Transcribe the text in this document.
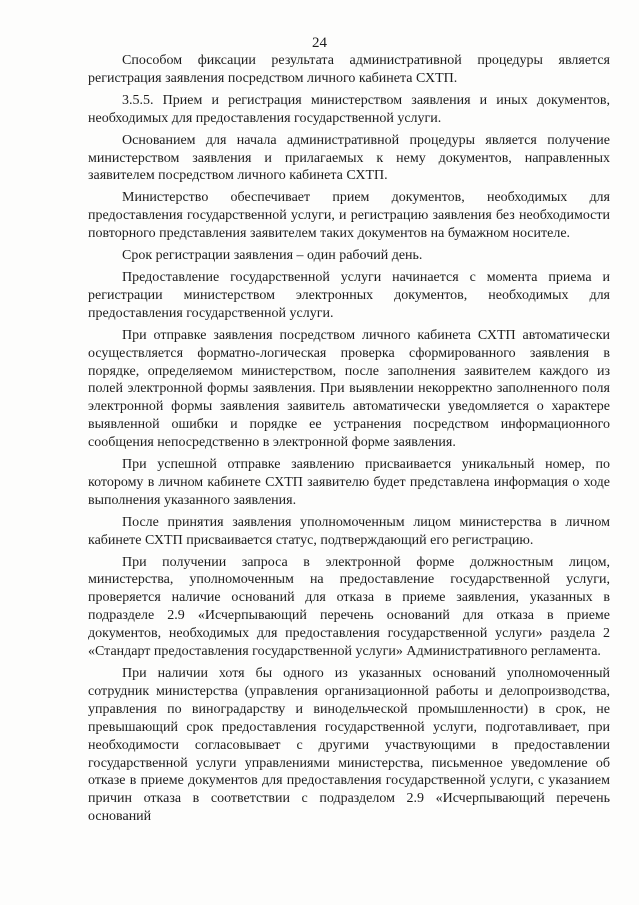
24

Способом фиксации результата административной процедуры является регистрация заявления посредством личного кабинета СХТП.

3.5.5. Прием и регистрация министерством заявления и иных документов, необходимых для предоставления государственной услуги.

Основанием для начала административной процедуры является получение министерством заявления и прилагаемых к нему документов, направленных заявителем посредством личного кабинета СХТП.

Министерство обеспечивает прием документов, необходимых для предоставления государственной услуги, и регистрацию заявления без необходимости повторного представления заявителем таких документов на бумажном носителе.

Срок регистрации заявления – один рабочий день.

Предоставление государственной услуги начинается с момента приема и регистрации министерством электронных документов, необходимых для предоставления государственной услуги.

При отправке заявления посредством личного кабинета СХТП автоматически осуществляется форматно-логическая проверка сформированного заявления в порядке, определяемом министерством, после заполнения заявителем каждого из полей электронной формы заявления. При выявлении некорректно заполненного поля электронной формы заявления заявитель автоматически уведомляется о характере выявленной ошибки и порядке ее устранения посредством информационного сообщения непосредственно в электронной форме заявления.

При успешной отправке заявлению присваивается уникальный номер, по которому в личном кабинете СХТП заявителю будет представлена информация о ходе выполнения указанного заявления.

После принятия заявления уполномоченным лицом министерства в личном кабинете СХТП присваивается статус, подтверждающий его регистрацию.

При получении запроса в электронной форме должностным лицом, министерства, уполномоченным на предоставление государственной услуги, проверяется наличие оснований для отказа в приеме заявления, указанных в подразделе 2.9 «Исчерпывающий перечень оснований для отказа в приеме документов, необходимых для предоставления государственной услуги» раздела 2 «Стандарт предоставления государственной услуги» Административного регламента.

При наличии хотя бы одного из указанных оснований уполномоченный сотрудник министерства (управления организационной работы и делопроизводства, управления по виноградарству и винодельческой промышленности) в срок, не превышающий срок предоставления государственной услуги, подготавливает, при необходимости согласовывает с другими участвующими в предоставлении государственной услуги управлениями министерства, письменное уведомление об отказе в приеме документов для предоставления государственной услуги, с указанием причин отказа в соответствии с подразделом 2.9 «Исчерпывающий перечень оснований
